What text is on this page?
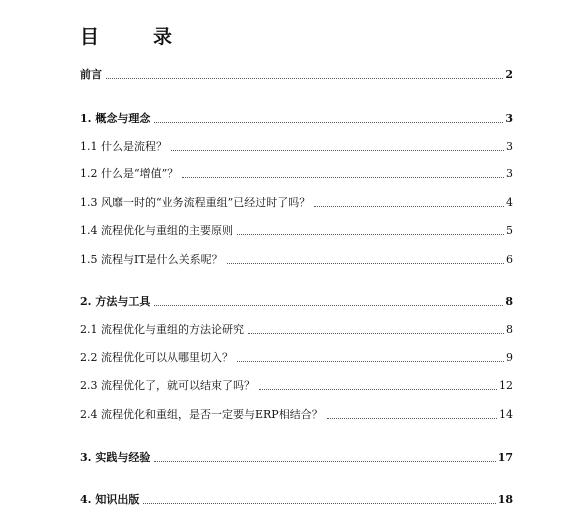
目	录
前言	2
1. 概念与理念	3
1.1 什么是流程？	3
1.2 什么是“增值”？	3
1.3 风靡一时的“业务流程重组”已经过时了吗？	4
1.4 流程优化与重组的主要原则	5
1.5 流程与IT是什么关系呢？	6
2. 方法与工具	8
2.1 流程优化与重组的方法论研究	8
2.2 流程优化可以从哪里切入？	9
2.3 流程优化了，就可以结束了吗？	12
2.4 流程优化和重组，是否一定要与ERP相结合？	14
3. 实践与经验	17
4. 知识出版	18
